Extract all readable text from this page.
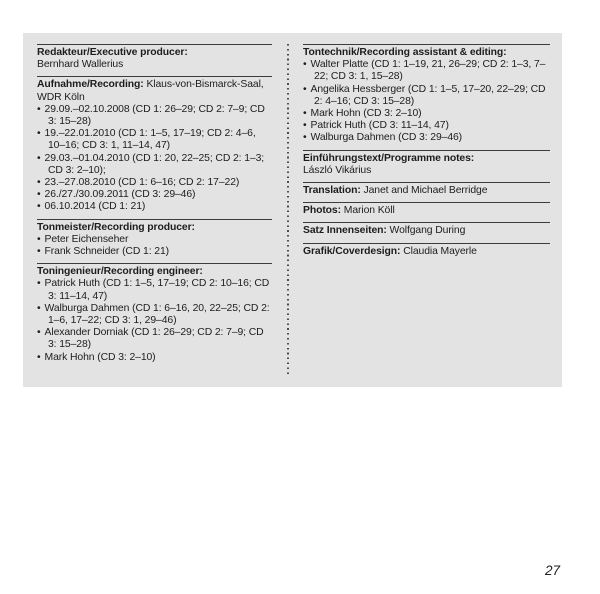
Redakteur/Executive producer:
Bernhard Wallerius
Aufnahme/Recording: Klaus-von-Bismarck-Saal, WDR Köln
• 29.09.–02.10.2008 (CD 1: 26–29; CD 2: 7–9; CD 3: 15–28)
• 19.–22.01.2010 (CD 1: 1–5, 17–19; CD 2: 4–6, 10–16; CD 3: 1, 11–14, 47)
• 29.03.–01.04.2010 (CD 1: 20, 22–25; CD 2: 1–3; CD 3: 2–10);
• 23.–27.08.2010 (CD 1: 6–16; CD 2: 17–22)
• 26./27./30.09.2011 (CD 3: 29–46)
• 06.10.2014 (CD 1: 21)
Tonmeister/Recording producer:
• Peter Eichenseher
• Frank Schneider (CD 1: 21)
Toningenieur/Recording engineer:
• Patrick Huth (CD 1: 1–5, 17–19; CD 2: 10–16; CD 3: 11–14, 47)
• Walburga Dahmen (CD 1: 6–16, 20, 22–25; CD 2: 1–6, 17–22; CD 3: 1, 29–46)
• Alexander Dorniak (CD 1: 26–29; CD 2: 7–9; CD 3: 15–28)
• Mark Hohn (CD 3: 2–10)
Tontechnik/Recording assistant & editing:
• Walter Platte (CD 1: 1–19, 21, 26–29; CD 2: 1–3, 7–22; CD 3: 1, 15–28)
• Angelika Hessberger (CD 1: 1–5, 17–20, 22–29; CD 2: 4–16; CD 3: 15–28)
• Mark Hohn (CD 3: 2–10)
• Patrick Huth (CD 3: 11–14, 47)
• Walburga Dahmen (CD 3: 29–46)
Einführungstext/Programme notes:
László Vikárius
Translation: Janet and Michael Berridge
Photos: Marion Köll
Satz Innenseiten: Wolfgang During
Grafik/Coverdesign: Claudia Mayerle
27
